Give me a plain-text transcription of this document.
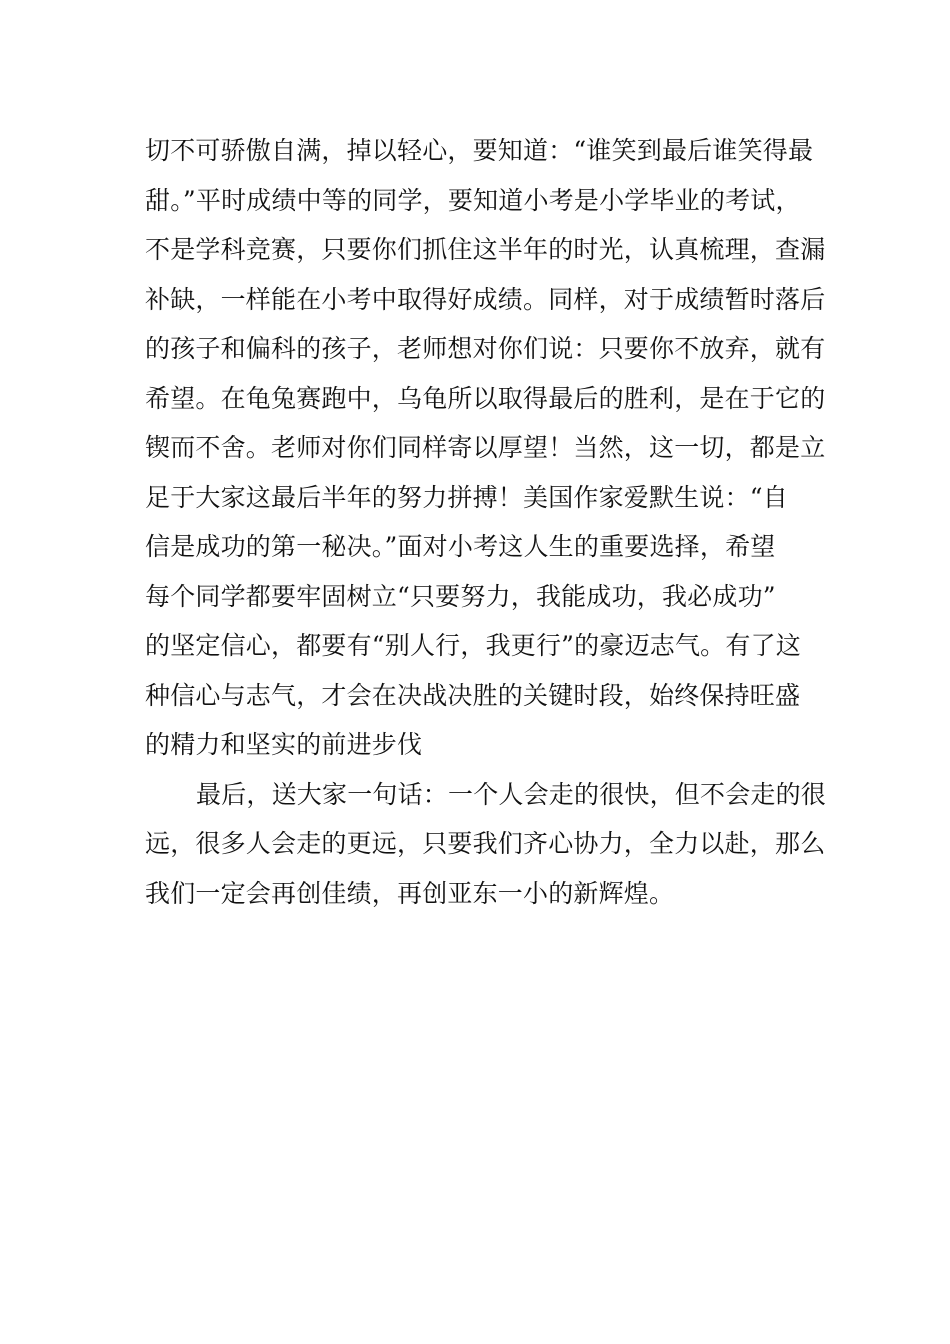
切不可骄傲自满，掉以轻心，要知道：“谁笑到最后谁笑得最
甜。”平时成绩中等的同学，要知道小考是小学毕业的考试，
不是学科竞赛，只要你们抓住这半年的时光，认真梳理，查漏
补缺，一样能在小考中取得好成绩。同样，对于成绩暂时落后
的孩子和偏科的孩子，老师想对你们说：只要你不放弃，就有
希望。在龟兔赛跑中，乌龟所以取得最后的胜利，是在于它的
锲而不舍。老师对你们同样寄以厚望！当然，这一切，都是立
足于大家这最后半年的努力拼搏！美国作家爱默生说：“自
信是成功的第一秘决。”面对小考这人生的重要选择，希望
每个同学都要牢固树立“只要努力，我能成功，我必成功”
的坚定信心，都要有“别人行，我更行”的豪迈志气。有了这
种信心与志气，才会在决战决胜的关键时段，始终保持旺盛
的精力和坚实的前进步伐
最后，送大家一句话：一个人会走的很快，但不会走的很
远，很多人会走的更远，只要我们齐心协力，全力以赴，那么
我们一定会再创佳绩，再创亚东一小的新辉煌。
